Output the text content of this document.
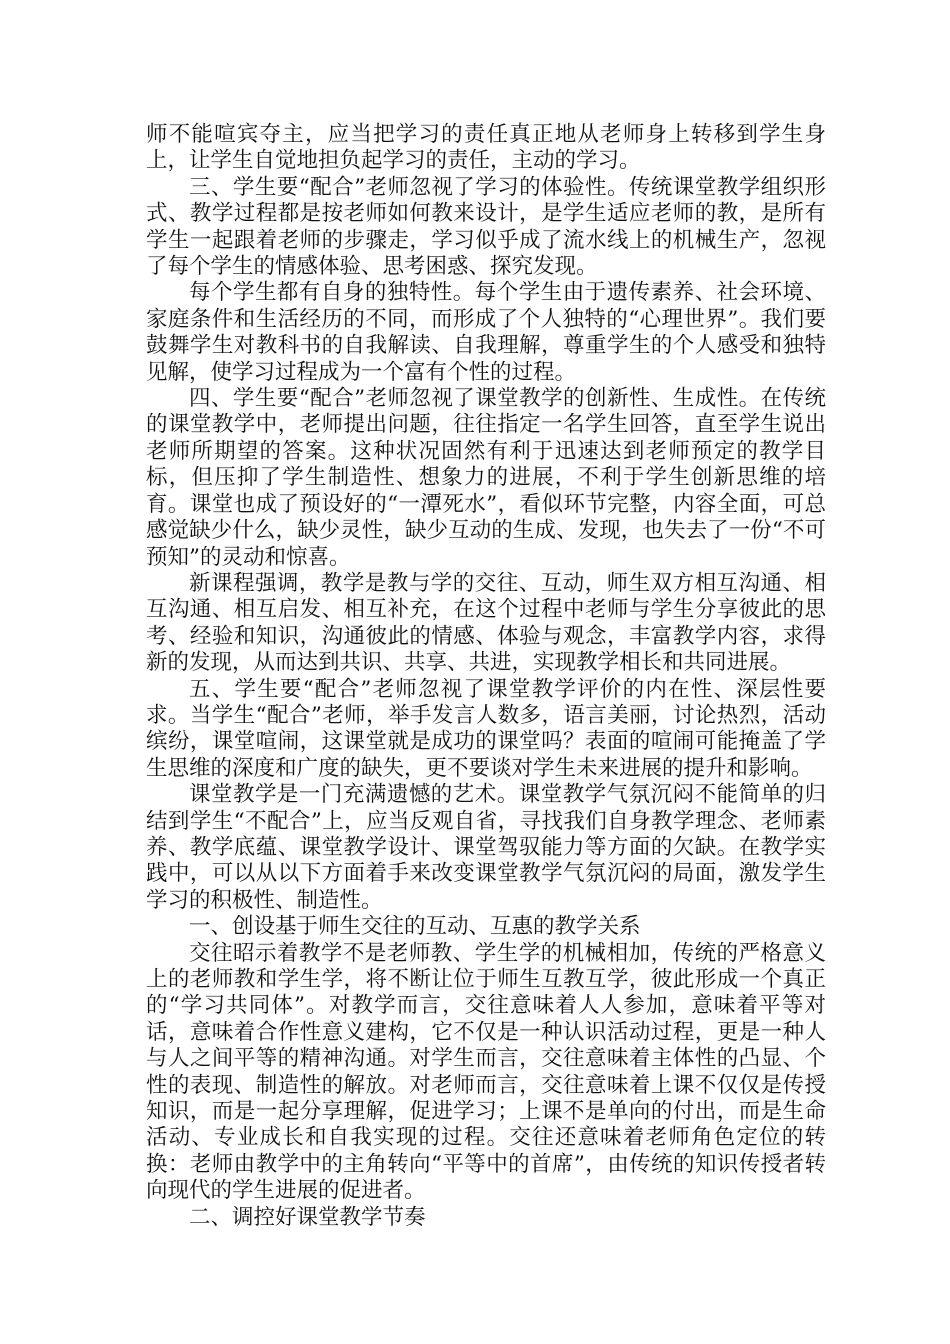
师不能喧宾夺主，应当把学习的责任真正地从老师身上转移到学生身上，让学生自觉地担负起学习的责任，主动的学习。

三、学生要“配合”老师忽视了学习的体验性。传统课堂教学组织形式、教学过程都是按老师如何教来设计，是学生适应老师的教，是所有学生一起跟着老师的步骤走，学习似乎成了流水线上的机械生产，忽视了每个学生的情感体验、思考困惑、探究发现。

每个学生都有自身的独特性。每个学生由于遗传素养、社会环境、家庭条件和生活经历的不同，而形成了个人独特的“心理世界”。我们要鼓舞学生对教科书的自我解读、自我理解，尊重学生的个人感受和独特见解，使学习过程成为一个富有个性的过程。

四、学生要“配合”老师忽视了课堂教学的创新性、生成性。在传统的课堂教学中，老师提出问题，往往指定一名学生回答，直至学生说出老师所期望的答案。这种状况固然有利于迅速达到老师预定的教学目标，但压抑了学生制造性、想象力的进展，不利于学生创新思维的培育。课堂也成了预设好的“一潭死水”，看似环节完整，内容全面，可总感觉缺少什么，缺少灵性，缺少互动的生成、发现，也失去了一份“不可预知”的灵动和惊喜。

新课程强调，教学是教与学的交往、互动，师生双方相互沟通、相互沟通、相互启发、相互补充，在这个过程中老师与学生分享彼此的思考、经验和知识，沟通彼此的情感、体验与观念，丰富教学内容，求得新的发现，从而达到共识、共享、共进，实现教学相长和共同进展。

五、学生要“配合”老师忽视了课堂教学评价的内在性、深层性要求。当学生“配合”老师，举手发言人数多，语言美丽，讨论热烈，活动缤纷，课堂喧闹，这课堂就是成功的课堂吗？表面的喧闹可能掩盖了学生思维的深度和广度的缺失，更不要谈对学生未来进展的提升和影响。

课堂教学是一门充满遗憾的艺术。课堂教学气氛沉闷不能简单的归结到学生“不配合”上，应当反观自省，寻找我们自身教学理念、老师素养、教学底蕴、课堂教学设计、课堂驾驭能力等方面的欠缺。在教学实践中，可以从以下方面着手来改变课堂教学气氛沉闷的局面，激发学生学习的积极性、制造性。

一、创设基于师生交往的互动、互惠的教学关系

交往昭示着教学不是老师教、学生学的机械相加，传统的严格意义上的老师教和学生学，将不断让位于师生互教互学，彼此形成一个真正的“学习共同体”。对教学而言，交往意味着人人参加，意味着平等对话，意味着合作性意义建构，它不仅是一种认识活动过程，更是一种人与人之间平等的精神沟通。对学生而言，交往意味着主体性的凸显、个性的表现、制造性的解放。对老师而言，交往意味着上课不仅仅是传授知识，而是一起分享理解，促进学习；上课不是单向的付出，而是生命活动、专业成长和自我实现的过程。交往还意味着老师角色定位的转换：老师由教学中的主角转向“平等中的首席”，由传统的知识传授者转向现代的学生进展的促进者。

二、调控好课堂教学节奏
